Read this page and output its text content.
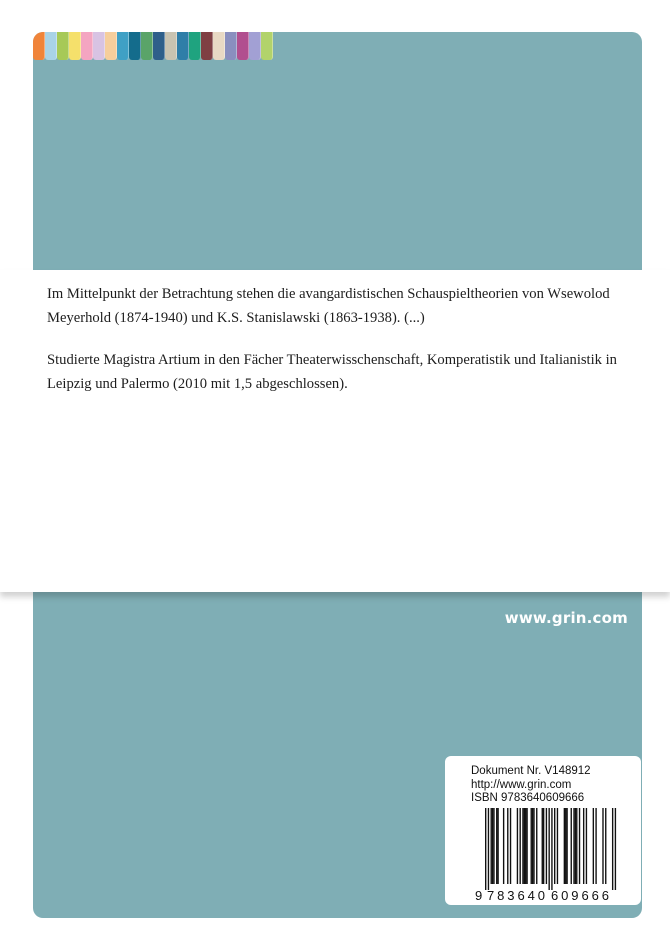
Im Mittelpunkt der Betrachtung stehen die avangardistischen Schauspieltheorien von Wsewolod Meyerhold (1874-1940) und K.S. Stanislawski (1863-1938). (...)

Studierte Magistra Artium in den Fächer Theaterwisschenschaft, Komperatistik und Italianistik in Leipzig und Palermo (2010 mit 1,5 abgeschlossen).

www.grin.com
Dokument Nr. V148912
http://www.grin.com
ISBN 9783640609666
9 783640 609666
